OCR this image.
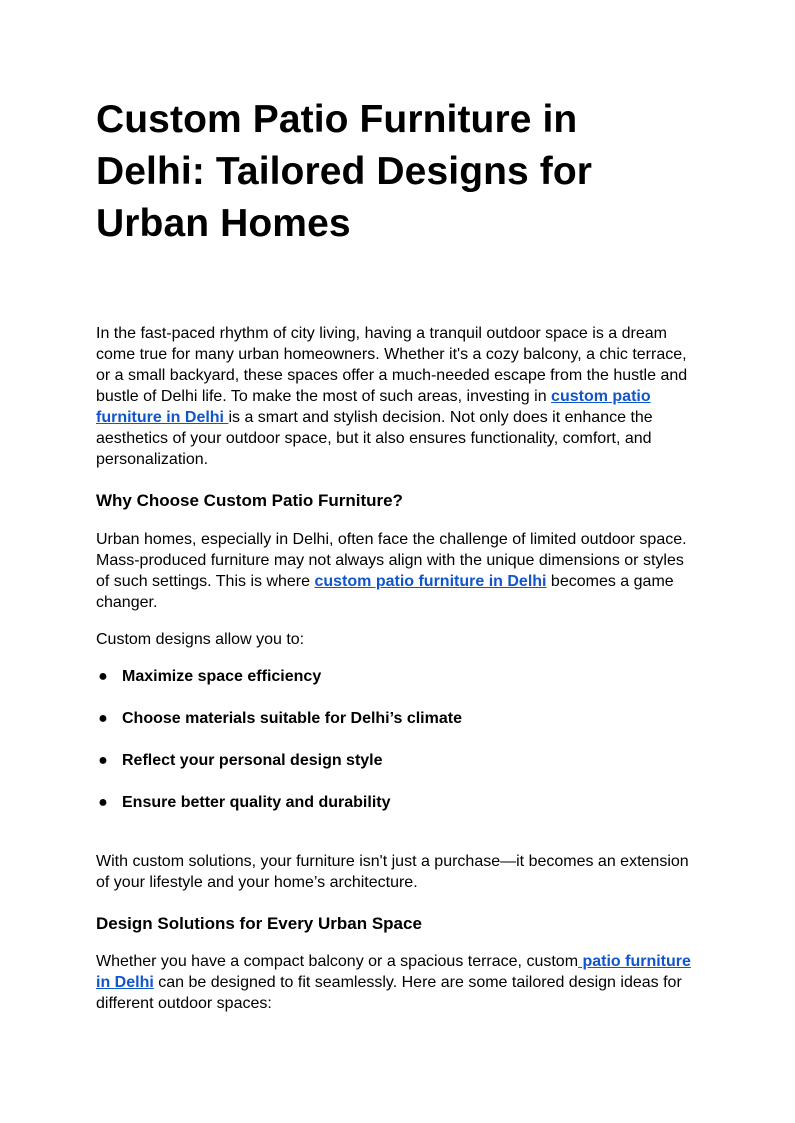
Custom Patio Furniture in Delhi: Tailored Designs for Urban Homes

In the fast-paced rhythm of city living, having a tranquil outdoor space is a dream come true for many urban homeowners. Whether it's a cozy balcony, a chic terrace, or a small backyard, these spaces offer a much-needed escape from the hustle and bustle of Delhi life. To make the most of such areas, investing in custom patio furniture in Delhi is a smart and stylish decision. Not only does it enhance the aesthetics of your outdoor space, but it also ensures functionality, comfort, and personalization.

Why Choose Custom Patio Furniture?

Urban homes, especially in Delhi, often face the challenge of limited outdoor space. Mass-produced furniture may not always align with the unique dimensions or styles of such settings. This is where custom patio furniture in Delhi becomes a game changer.

Custom designs allow you to:

● Maximize space efficiency
● Choose materials suitable for Delhi’s climate
● Reflect your personal design style
● Ensure better quality and durability

With custom solutions, your furniture isn't just a purchase—it becomes an extension of your lifestyle and your home’s architecture.

Design Solutions for Every Urban Space

Whether you have a compact balcony or a spacious terrace, custom patio furniture in Delhi can be designed to fit seamlessly. Here are some tailored design ideas for different outdoor spaces:
